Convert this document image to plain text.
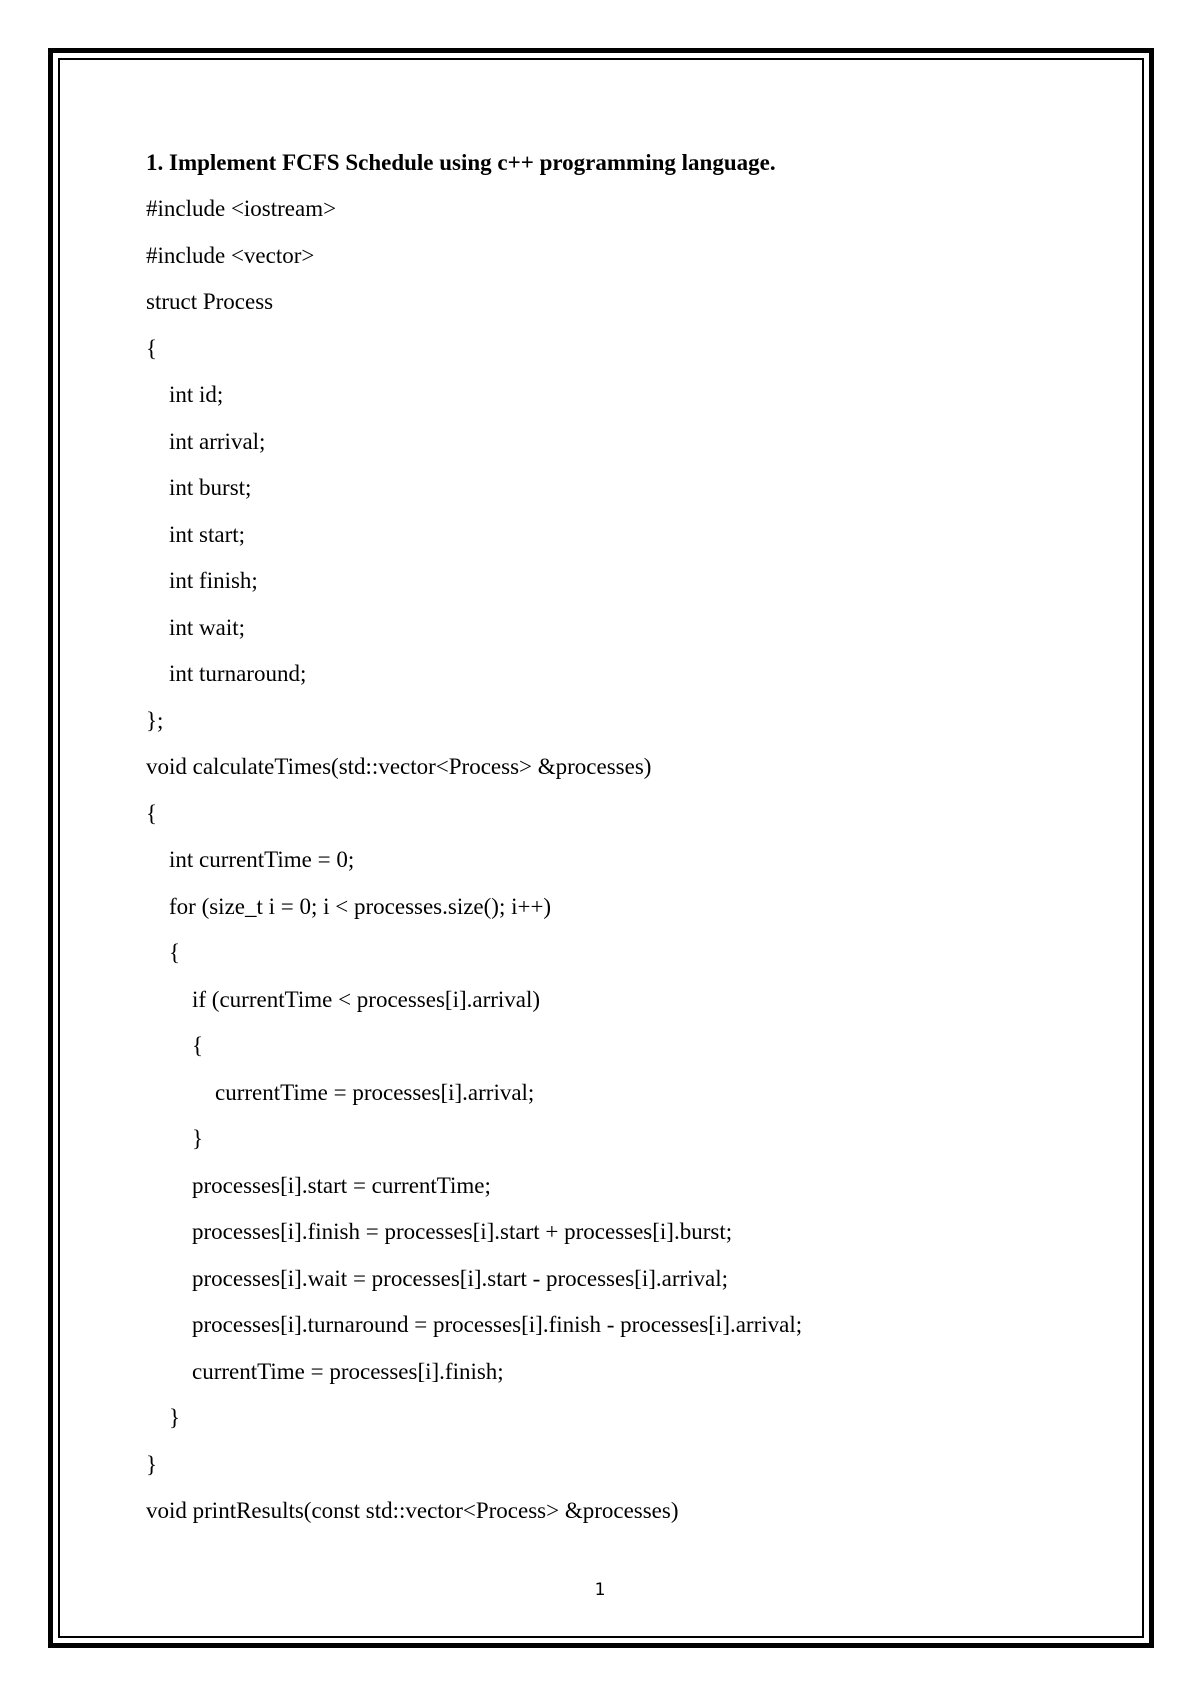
1. Implement FCFS Schedule using c++ programming language.
#include <iostream>
#include <vector>
struct Process
{
int id;
int arrival;
int burst;
int start;
int finish;
int wait;
int turnaround;
};
void calculateTimes(std::vector<Process> &processes)
{
int currentTime = 0;
for (size_t i = 0; i < processes.size(); i++)
{
if (currentTime < processes[i].arrival)
{
currentTime = processes[i].arrival;
}
processes[i].start = currentTime;
processes[i].finish = processes[i].start + processes[i].burst;
processes[i].wait = processes[i].start - processes[i].arrival;
processes[i].turnaround = processes[i].finish - processes[i].arrival;
currentTime = processes[i].finish;
}
}
void printResults(const std::vector<Process> &processes)
1
